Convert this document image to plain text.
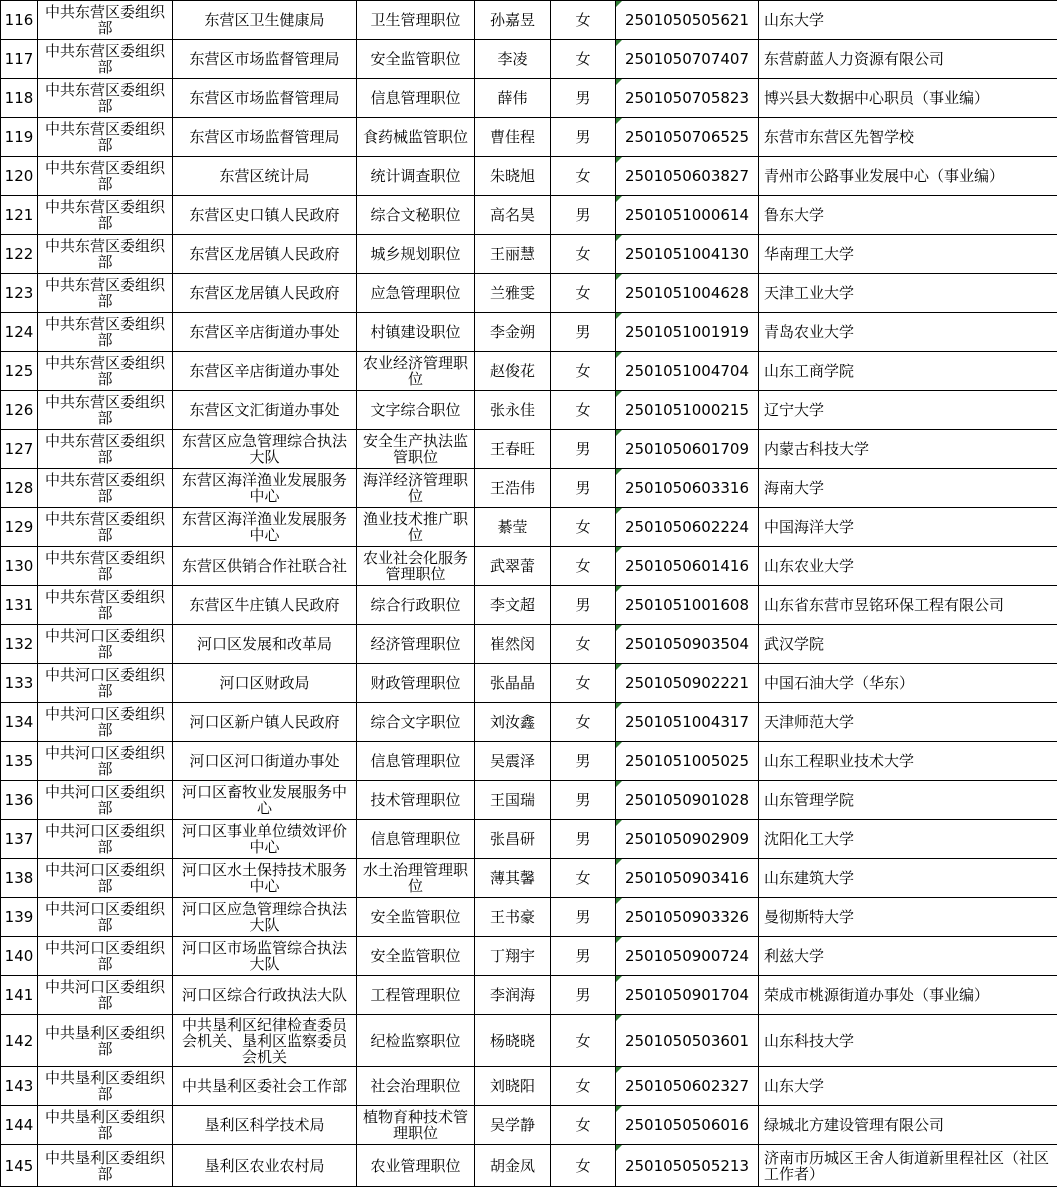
116	中共东营区委组织部	东营区卫生健康局	卫生管理职位	孙嘉昱	女	2501050505621	山东大学
117	中共东营区委组织部	东营区市场监督管理局	安全监管职位	李凌	女	2501050707407	东营蔚蓝人力资源有限公司
118	中共东营区委组织部	东营区市场监督管理局	信息管理职位	薛伟	男	2501050705823	博兴县大数据中心职员（事业编）
119	中共东营区委组织部	东营区市场监督管理局	食药械监管职位	曹佳程	男	2501050706525	东营市东营区先智学校
120	中共东营区委组织部	东营区统计局	统计调查职位	朱晓旭	女	2501050603827	青州市公路事业发展中心（事业编）
121	中共东营区委组织部	东营区史口镇人民政府	综合文秘职位	高名昊	男	2501051000614	鲁东大学
122	中共东营区委组织部	东营区龙居镇人民政府	城乡规划职位	王丽慧	女	2501051004130	华南理工大学
123	中共东营区委组织部	东营区龙居镇人民政府	应急管理职位	兰雅雯	女	2501051004628	天津工业大学
124	中共东营区委组织部	东营区辛店街道办事处	村镇建设职位	李金朔	男	2501051001919	青岛农业大学
125	中共东营区委组织部	东营区辛店街道办事处	农业经济管理职位	赵俊花	女	2501051004704	山东工商学院
126	中共东营区委组织部	东营区文汇街道办事处	文字综合职位	张永佳	女	2501051000215	辽宁大学
127	中共东营区委组织部	东营区应急管理综合执法大队	安全生产执法监管职位	王春旺	男	2501050601709	内蒙古科技大学
128	中共东营区委组织部	东营区海洋渔业发展服务中心	海洋经济管理职位	王浩伟	男	2501050603316	海南大学
129	中共东营区委组织部	东营区海洋渔业发展服务中心	渔业技术推广职位	綦莹	女	2501050602224	中国海洋大学
130	中共东营区委组织部	东营区供销合作社联合社	农业社会化服务管理职位	武翠蕾	女	2501050601416	山东农业大学
131	中共东营区委组织部	东营区牛庄镇人民政府	综合行政职位	李文超	男	2501051001608	山东省东营市昱铭环保工程有限公司
132	中共河口区委组织部	河口区发展和改革局	经济管理职位	崔然闵	女	2501050903504	武汉学院
133	中共河口区委组织部	河口区财政局	财政管理职位	张晶晶	女	2501050902221	中国石油大学（华东）
134	中共河口区委组织部	河口区新户镇人民政府	综合文字职位	刘汝鑫	女	2501051004317	天津师范大学
135	中共河口区委组织部	河口区河口街道办事处	信息管理职位	吴震泽	男	2501051005025	山东工程职业技术大学
136	中共河口区委组织部	河口区畜牧业发展服务中心	技术管理职位	王国瑞	男	2501050901028	山东管理学院
137	中共河口区委组织部	河口区事业单位绩效评价中心	信息管理职位	张昌研	男	2501050902909	沈阳化工大学
138	中共河口区委组织部	河口区水土保持技术服务中心	水土治理管理职位	薄其馨	女	2501050903416	山东建筑大学
139	中共河口区委组织部	河口区应急管理综合执法大队	安全监管职位	王书豪	男	2501050903326	曼彻斯特大学
140	中共河口区委组织部	河口区市场监管综合执法大队	安全监管职位	丁翔宇	男	2501050900724	利兹大学
141	中共河口区委组织部	河口区综合行政执法大队	工程管理职位	李润海	男	2501050901704	荣成市桃源街道办事处（事业编）
142	中共垦利区委组织部	中共垦利区纪律检查委员会机关、垦利区监察委员会机关	纪检监察职位	杨晓晓	女	2501050503601	山东科技大学
143	中共垦利区委组织部	中共垦利区委社会工作部	社会治理职位	刘晓阳	女	2501050602327	山东大学
144	中共垦利区委组织部	垦利区科学技术局	植物育种技术管理职位	吴学静	女	2501050506016	绿城北方建设管理有限公司
145	中共垦利区委组织部	垦利区农业农村局	农业管理职位	胡金凤	女	2501050505213	济南市历城区王舍人街道新里程社区（社区工作者）
